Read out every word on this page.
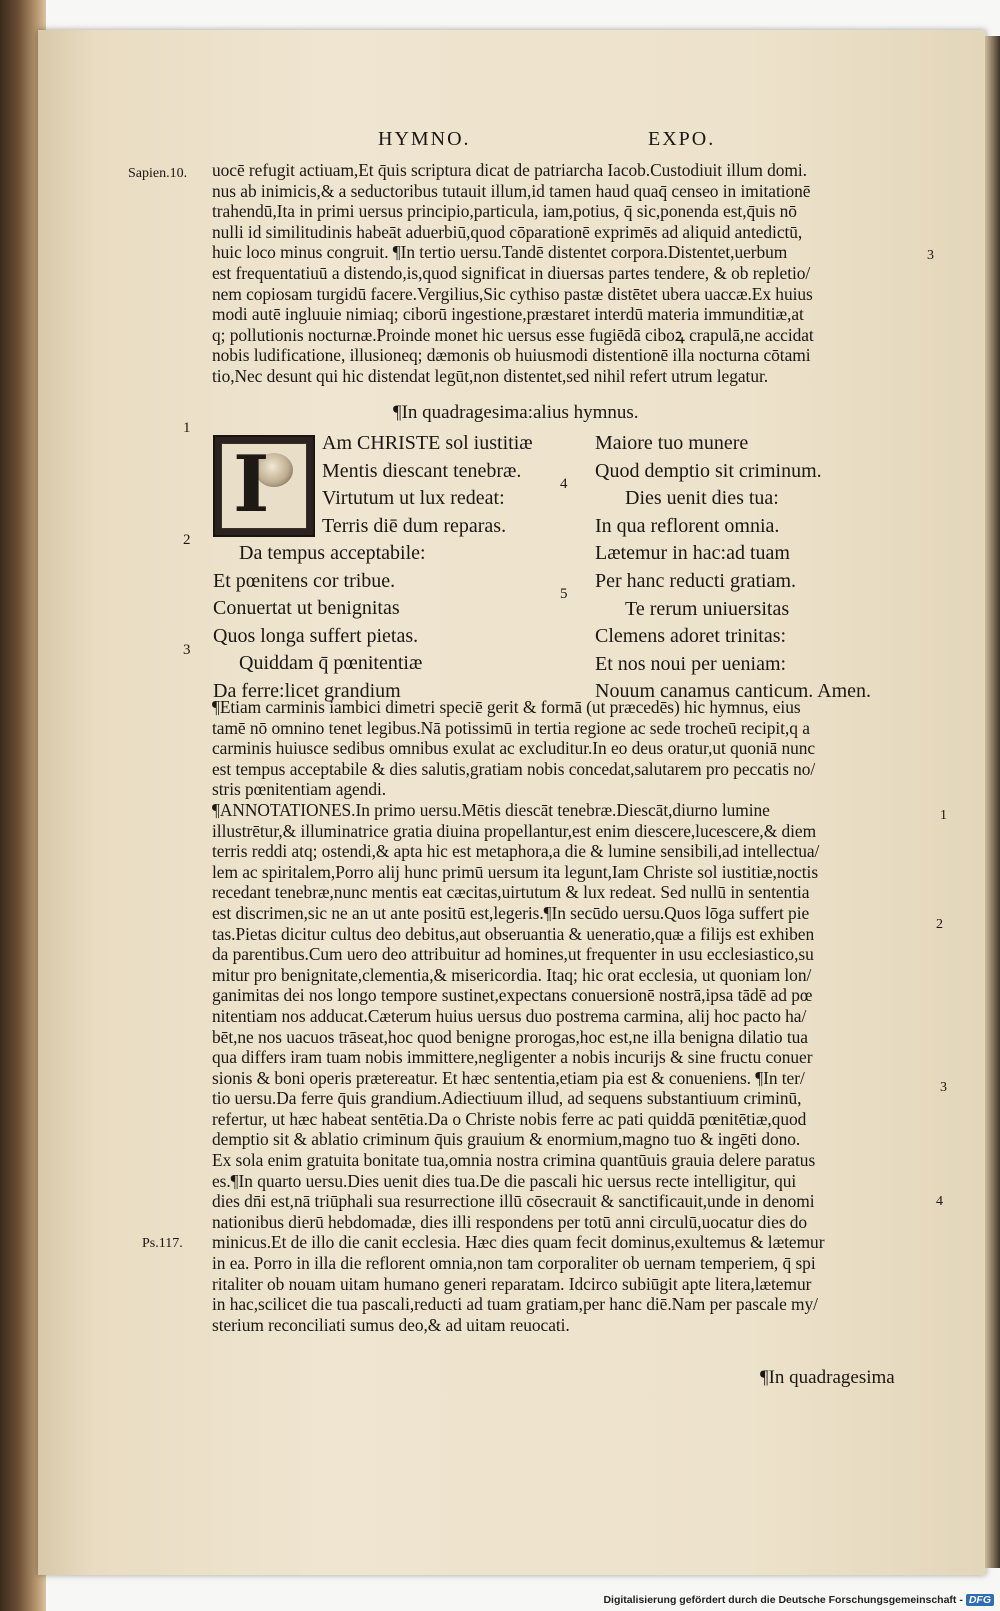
HYMNO.	EXPO.
Sapien.10.
3
uocē refugit actiuam,Et q̄uis scriptura dicat de patriarcha Iacob.Custodiuit illum domi.
nus ab inimicis,& a seductoribus tutauit illum,id tamen haud quaq̄ censeo in imitationē
trahendū,Ita in primi uersus principio,particula, iam,potius, q̄ sic,ponenda est,q̄uis nō
nulli id similitudinis habeāt aduerbiū,quod cōparationē exprimēs ad aliquid antedictū,
huic loco minus congruit. ¶In tertio uersu.Tandē distentet corpora.Distentet,uerbum
est frequentatiuū a distendo,is,quod significat in diuersas partes tendere, & ob repletio/
nem copiosam turgidū facere.Vergilius,Sic cythiso pastæ distētet ubera uaccæ.Ex huius
modi autē ingluuie nimiaq; ciborū ingestione,præstaret interdū materia immunditiæ,at
q; pollutionis nocturnæ.Proinde monet hic uersus esse fugiēdā ciboꝝ crapulā,ne accidat
nobis ludificatione, illusioneq; dæmonis ob huiusmodi distentionē illa nocturna cōtami
tio,Nec desunt qui hic distendat legūt,non distentet,sed nihil refert utrum legatur.
¶In quadragesima:alius hymnus.
1
2
3
4
5
I	Am CHRISTE sol iustitiæ
Mentis diescant tenebræ.
Virtutum ut lux redeat:
Terris diē dum reparas.
Da tempus acceptabile:
Et pœnitens cor tribue.
Conuertat ut benignitas
Quos longa suffert pietas.
Quiddam q̄ pœnitentiæ
Da ferre:licet grandium
Maiore tuo munere
Quod demptio sit criminum.
Dies uenit dies tua:
In qua reflorent omnia.
Lætemur in hac:ad tuam
Per hanc reducti gratiam.
Te rerum uniuersitas
Clemens adoret trinitas:
Et nos noui per ueniam:
Nouum canamus canticum. Amen.
¶Etiam carminis iambici dimetri speciē gerit & formā (ut præcedēs) hic hymnus, eius
tamē nō omnino tenet legibus.Nā potissimū in tertia regione ac sede trocheū recipit,q a
carminis huiusce sedibus omnibus exulat ac excluditur.In eo deus oratur,ut quoniā nunc
est tempus acceptabile & dies salutis,gratiam nobis concedat,salutarem pro peccatis no/
stris pœnitentiam agendi.
¶ANNOTATIONES.In primo uersu.Mētis diescāt tenebræ.Diescāt,diurno lumine
illustrētur,& illuminatrice gratia diuina propellantur,est enim diescere,lucescere,& diem
terris reddi atq; ostendi,& apta hic est metaphora,a die & lumine sensibili,ad intellectua/
lem ac spiritalem,Porro alij hunc primū uersum ita legunt,Iam Christe sol iustitiæ,noctis
recedant tenebræ,nunc mentis eat cæcitas,uirtutum & lux redeat. Sed nullū in sententia
est discrimen,sic ne an ut ante positū est,legeris.¶In secūdo uersu.Quos lōga suffert pie
tas.Pietas dicitur cultus deo debitus,aut obseruantia & ueneratio,quæ a filijs est exhiben
da parentibus.Cum uero deo attribuitur ad homines,ut frequenter in usu ecclesiastico,su
mitur pro benignitate,clementia,& misericordia. Itaq; hic orat ecclesia, ut quoniam lon/
ganimitas dei nos longo tempore sustinet,expectans conuersionē nostrā,ipsa tādē ad pœ
nitentiam nos adducat.Cæterum huius uersus duo postrema carmina, alij hoc pacto ha/
bēt,ne nos uacuos trāseat,hoc quod benigne prorogas,hoc est,ne illa benigna dilatio tua
qua differs iram tuam nobis immittere,negligenter a nobis incurijs & sine fructu conuer
sionis & boni operis prætereatur. Et hæc sententia,etiam pia est & conueniens. ¶In ter/
tio uersu.Da ferre q̄uis grandium.Adiectiuum illud, ad sequens substantiuum criminū,
refertur, ut hæc habeat sentētia.Da o Christe nobis ferre ac pati quiddā pœnitētiæ,quod
demptio sit & ablatio criminum q̄uis grauium & enormium,magno tuo & ingēti dono.
Ex sola enim gratuita bonitate tua,omnia nostra crimina quantūuis grauia delere paratus
es.¶In quarto uersu.Dies uenit dies tua.De die pascali hic uersus recte intelligitur, qui
dies dn̄i est,nā triūphali sua resurrectione illū cōsecrauit & sanctificauit,unde in denomi
nationibus dierū hebdomadæ, dies illi respondens per totū anni circulū,uocatur dies do
minicus.Et de illo die canit ecclesia. Hæc dies quam fecit dominus,exultemus & lætemur
in ea. Porro in illa die reflorent omnia,non tam corporaliter ob uernam temperiem, q̄ spi
ritaliter ob nouam uitam humano generi reparatam. Idcirco subiūgit apte litera,lætemur
in hac,scilicet die tua pascali,reducti ad tuam gratiam,per hanc diē.Nam per pascale my/
sterium reconciliati sumus deo,& ad uitam reuocati.
1
2
3
4
Ps.117.
¶In quadragesima
Digitalisierung gefördert durch die Deutsche Forschungsgemeinschaft - DFG
